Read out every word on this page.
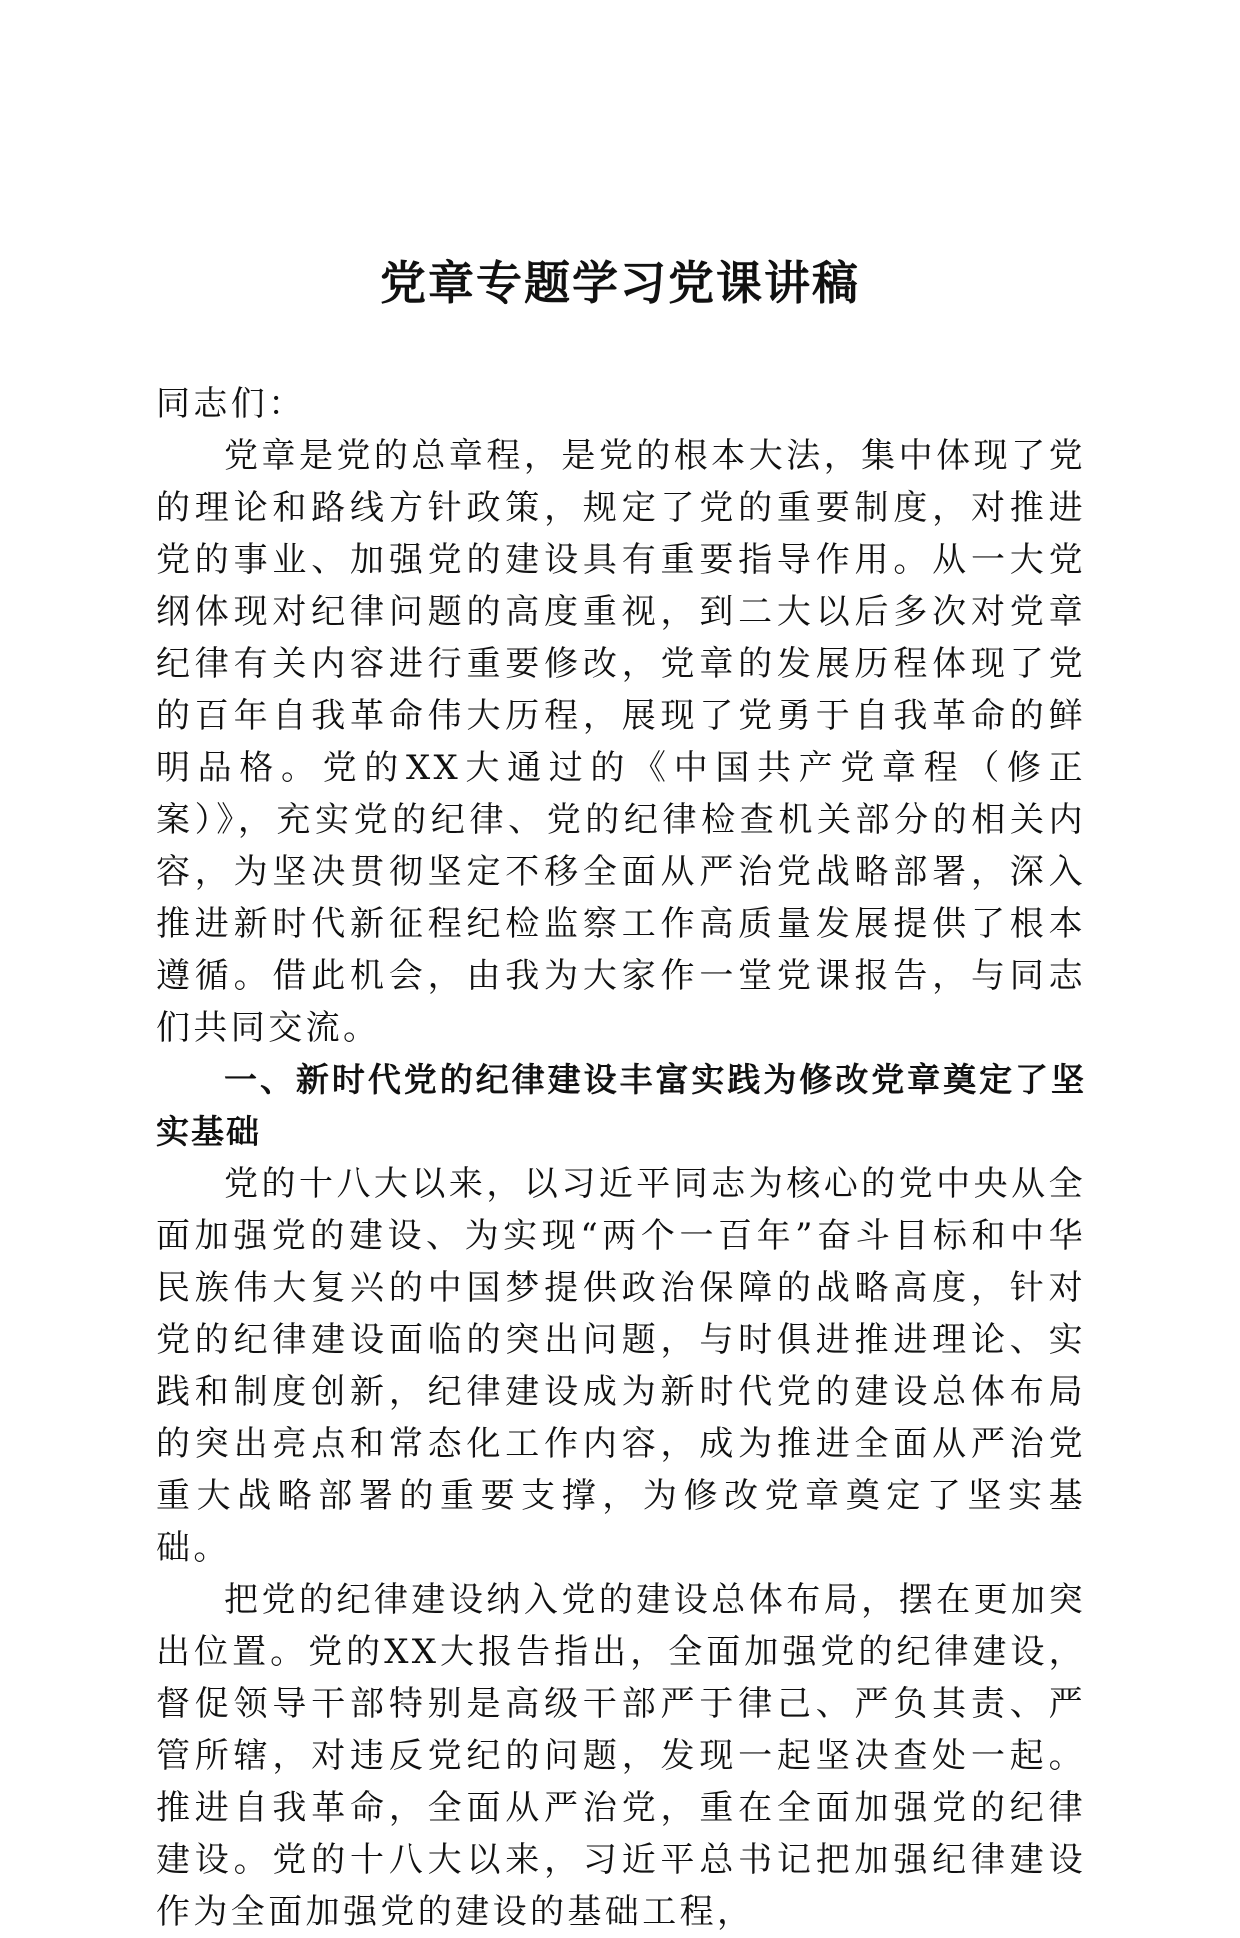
党章专题学习党课讲稿

同志们：

党章是党的总章程，是党的根本大法，集中体现了党的理论和路线方针政策，规定了党的重要制度，对推进党的事业、加强党的建设具有重要指导作用。从一大党纲体现对纪律问题的高度重视，到二大以后多次对党章纪律有关内容进行重要修改，党章的发展历程体现了党的百年自我革命伟大历程，展现了党勇于自我革命的鲜明品格。党的XX大通过的《中国共产党章程（修正案）》，充实党的纪律、党的纪律检查机关部分的相关内容，为坚决贯彻坚定不移全面从严治党战略部署，深入推进新时代新征程纪检监察工作高质量发展提供了根本遵循。借此机会，由我为大家作一堂党课报告，与同志们共同交流。

一、新时代党的纪律建设丰富实践为修改党章奠定了坚实基础

党的十八大以来，以习近平同志为核心的党中央从全面加强党的建设、为实现“两个一百年”奋斗目标和中华民族伟大复兴的中国梦提供政治保障的战略高度，针对党的纪律建设面临的突出问题，与时俱进推进理论、实践和制度创新，纪律建设成为新时代党的建设总体布局的突出亮点和常态化工作内容，成为推进全面从严治党重大战略部署的重要支撑，为修改党章奠定了坚实基础。

把党的纪律建设纳入党的建设总体布局，摆在更加突出位置。党的XX大报告指出，全面加强党的纪律建设，督促领导干部特别是高级干部严于律己、严负其责、严管所辖，对违反党纪的问题，发现一起坚决查处一起。推进自我革命，全面从严治党，重在全面加强党的纪律建设。党的十八大以来，习近平总书记把加强纪律建设作为全面加强党的建设的基础工程，
